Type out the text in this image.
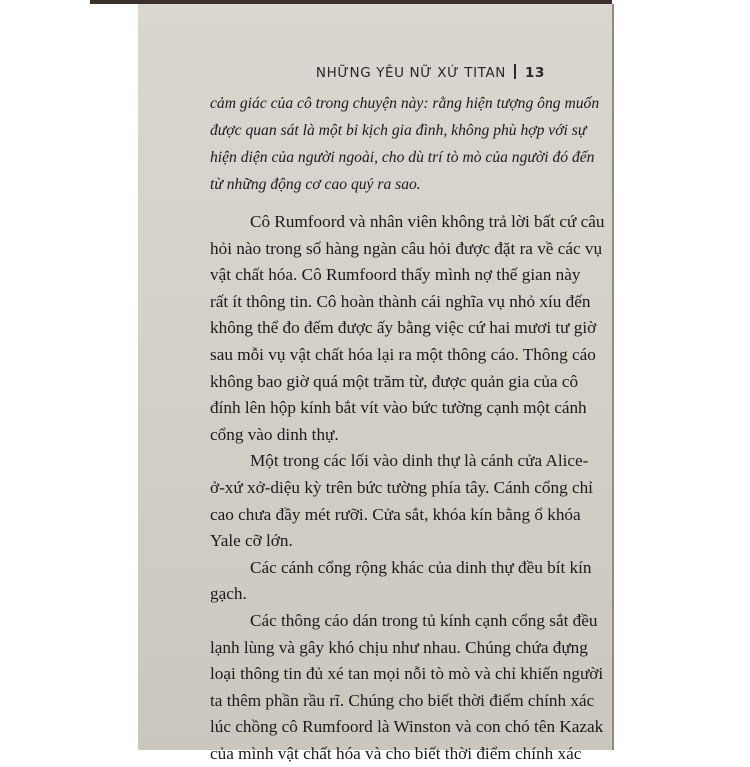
NHỮNG YÊU NỮ XỨ TITAN 13
cảm giác của cô trong chuyện này: rằng hiện tượng ông muốn
được quan sát là một bi kịch gia đình, không phù hợp với sự
hiện diện của người ngoài, cho dù trí tò mò của người đó đến
từ những động cơ cao quý ra sao.
Cô Rumfoord và nhân viên không trả lời bất cứ câu
hỏi nào trong số hàng ngàn câu hỏi được đặt ra về các vụ
vật chất hóa. Cô Rumfoord thấy mình nợ thế gian này
rất ít thông tin. Cô hoàn thành cái nghĩa vụ nhỏ xíu đến
không thể đo đếm được ấy bằng việc cứ hai mươi tư giờ
sau mỗi vụ vật chất hóa lại ra một thông cáo. Thông cáo
không bao giờ quá một trăm từ, được quản gia của cô
đính lên hộp kính bắt vít vào bức tường cạnh một cánh
cổng vào dinh thự.
Một trong các lối vào dinh thự là cánh cửa Alice-
ở-xứ xở-diệu kỳ trên bức tường phía tây. Cánh cổng chỉ
cao chưa đầy mét rưỡi. Cửa sắt, khóa kín bằng ổ khóa
Yale cỡ lớn.
Các cánh cổng rộng khác của dinh thự đều bít kín
gạch.
Các thông cáo dán trong tủ kính cạnh cổng sắt đều
lạnh lùng và gây khó chịu như nhau. Chúng chứa đựng
loại thông tin đủ xé tan mọi nỗi tò mò và chỉ khiến người
ta thêm phần rầu rĩ. Chúng cho biết thời điểm chính xác
lúc chồng cô Rumfoord là Winston và con chó tên Kazak
của mình vật chất hóa và cho biết thời điểm chính xác
